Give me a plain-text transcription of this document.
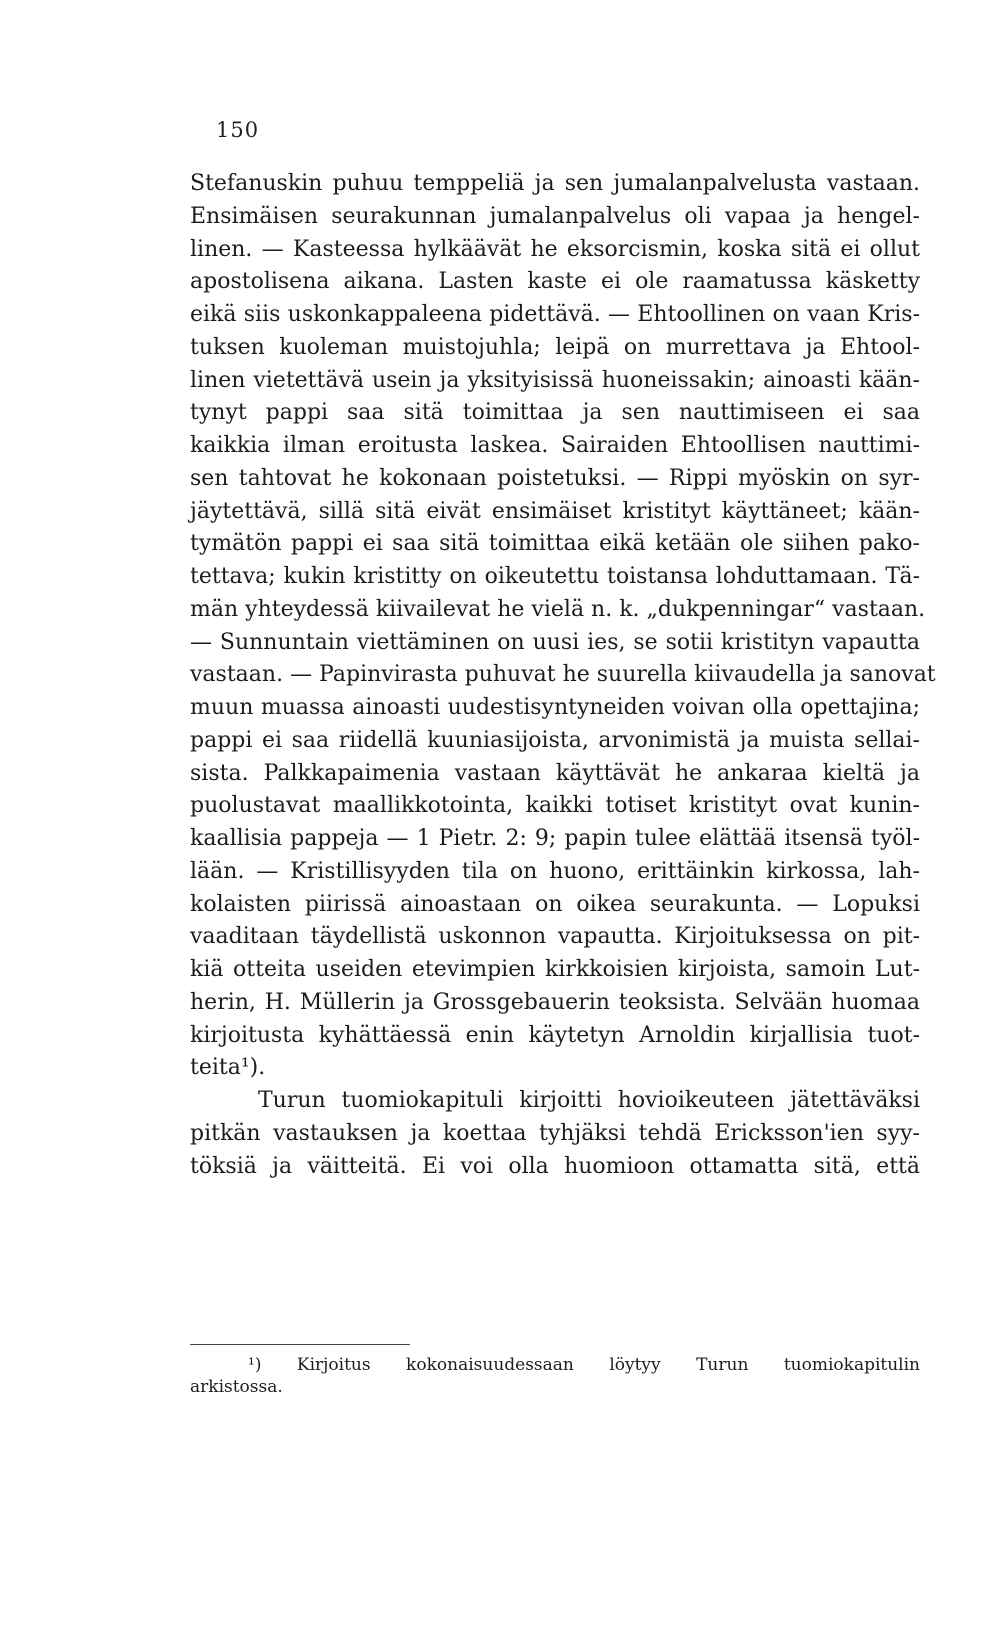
150
Stefanuskin puhuu temppeliä ja sen jumalanpalvelusta vastaan.
Ensimäisen seurakunnan jumalanpalvelus oli vapaa ja hengel-
linen. — Kasteessa hylkäävät he eksorcismin, koska sitä ei ollut
apostolisena aikana. Lasten kaste ei ole raamatussa käsketty
eikä siis uskonkappaleena pidettävä. — Ehtoollinen on vaan Kris-
tuksen kuoleman muistojuhla; leipä on murrettava ja Ehtool-
linen vietettävä usein ja yksityisissä huoneissakin; ainoasti kään-
tynyt pappi saa sitä toimittaa ja sen nauttimiseen ei saa
kaikkia ilman eroitusta laskea. Sairaiden Ehtoollisen nauttimi-
sen tahtovat he kokonaan poistetuksi. — Rippi myöskin on syr-
jäytettävä, sillä sitä eivät ensimäiset kristityt käyttäneet; kään-
tymätön pappi ei saa sitä toimittaa eikä ketään ole siihen pako-
tettava; kukin kristitty on oikeutettu toistansa lohduttamaan. Tä-
män yhteydessä kiivailevat he vielä n. k. „dukpenningar“ vastaan.
— Sunnuntain viettäminen on uusi ies, se sotii kristityn vapautta
vastaan. — Papinvirasta puhuvat he suurella kiivaudella ja sanovat
muun muassa ainoasti uudestisyntyneiden voivan olla opettajina;
pappi ei saa riidellä kuuniasijoista, arvonimistä ja muista sellai-
sista. Palkkapaimenia vastaan käyttävät he ankaraa kieltä ja
puolustavat maallikkotointa, kaikki totiset kristityt ovat kunin-
kaallisia pappeja — 1 Pietr. 2: 9; papin tulee elättää itsensä työl-
lään. — Kristillisyyden tila on huono, erittäinkin kirkossa, lah-
kolaisten piirissä ainoastaan on oikea seurakunta. — Lopuksi
vaaditaan täydellistä uskonnon vapautta. Kirjoituksessa on pit-
kiä otteita useiden etevimpien kirkkoisien kirjoista, samoin Lut-
herin, H. Müllerin ja Grossgebauerin teoksista. Selvään huomaa
kirjoitusta kyhättäessä enin käytetyn Arnoldin kirjallisia tuot-
teita¹).
Turun tuomiokapituli kirjoitti hovioikeuteen jätettäväksi
pitkän vastauksen ja koettaa tyhjäksi tehdä Ericksson'ien syy-
töksiä ja väitteitä. Ei voi olla huomioon ottamatta sitä, että
¹) Kirjoitus kokonaisuudessaan löytyy Turun tuomiokapitulin
arkistossa.
